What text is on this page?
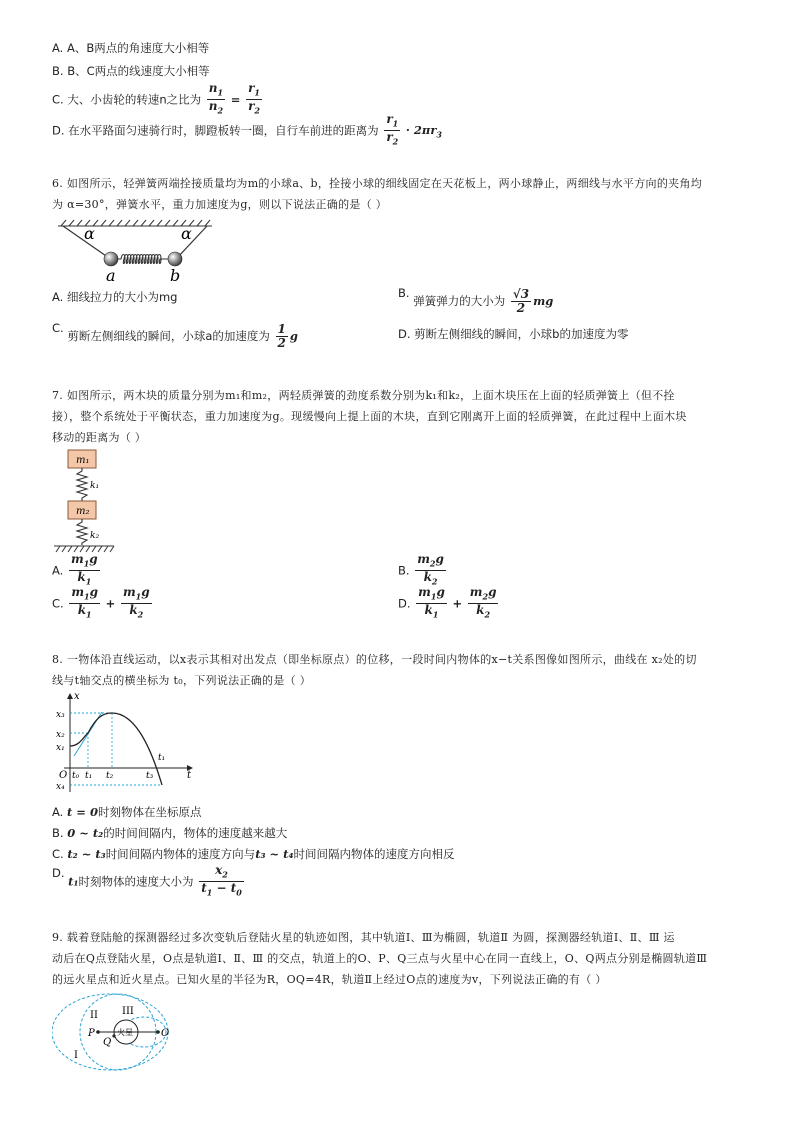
A. A、B两点的角速度大小相等
B. B、C两点的线速度大小相等
C. 大、小齿轮的转速n之比为 $\frac{n_1}{n_2} = \frac{r_1}{r_2}$
D. 在水平路面匀速骑行时，脚蹬板转一圈，自行车前进的距离为 $\frac{r_1}{r_2} \cdot 2\pi r_3$
6. 如图所示，轻弹簧两端拴接质量均为m的小球a、b，拴接小球的细线固定在天花板上，两小球静止，两细线与水平方向的夹角均
为 α=30°，弹簧水平，重力加速度为g，则以下说法正确的是（ ）
α	α
a	b
A. 细线拉力的大小为mg	B. 弹簧弹力的大小为 $\frac{√3}{2}$ mg
C. 剪断左侧细线的瞬间，小球a的加速度为 $\frac{1}{2}$ g	D. 剪断左侧细线的瞬间，小球b的加速度为零
7. 如图所示，两木块的质量分别为m₁和m₂，两轻质弹簧的劲度系数分别为k₁和k₂，上面木块压在上面的轻质弹簧上（但不拴
接），整个系统处于平衡状态，重力加速度为g。现缓慢向上提上面的木块，直到它刚离开上面的轻质弹簧，在此过程中上面木块
移动的距离为（ ）
m₁
k₁
m₂
k₂
A. $\frac{m_1g}{k_1}$	B. $\frac{m_2g}{k_2}$
C. $\frac{m_1g}{k_1} + \frac{m_1g}{k_2}$	D. $\frac{m_1g}{k_1} + \frac{m_2g}{k_2}$
8. 一物体沿直线运动，以x表示其相对出发点（即坐标原点）的位移，一段时间内物体的x−t关系图像如图所示，曲线在 x₂处的切
线与t轴交点的横坐标为 t₀，下列说法正确的是（ ）
x
t
O
x₃
x₂
x₁
x₄
t₀ t₁ t₂	t₃
t₁
A. t = 0时刻物体在坐标原点
B. 0 ~ t₂的时间间隔内，物体的速度越来越大
C. t₂ ~ t₃时间间隔内物体的速度方向与t₃ ~ t₄时间间隔内物体的速度方向相反
D. t₁时刻物体的速度大小为 $\frac{x_2}{t_1 - t_0}$
9. 载着登陆舱的探测器经过多次变轨后登陆火星的轨迹如图，其中轨道Ⅰ、Ⅲ为椭圆，轨道Ⅱ 为圆，探测器经轨道Ⅰ、Ⅱ、Ⅲ 运
动后在Q点登陆火星，O点是轨道Ⅰ、Ⅱ、Ⅲ 的交点，轨道上的O、P、Q三点与火星中心在同一直线上，O、Q两点分别是椭圆轨道Ⅲ
的远火星点和近火星点。已知火星的半径为R，OQ=4R，轨道Ⅱ上经过O点的速度为v，下列说法正确的有（ ）
火星
II III
I
P	O
Q
